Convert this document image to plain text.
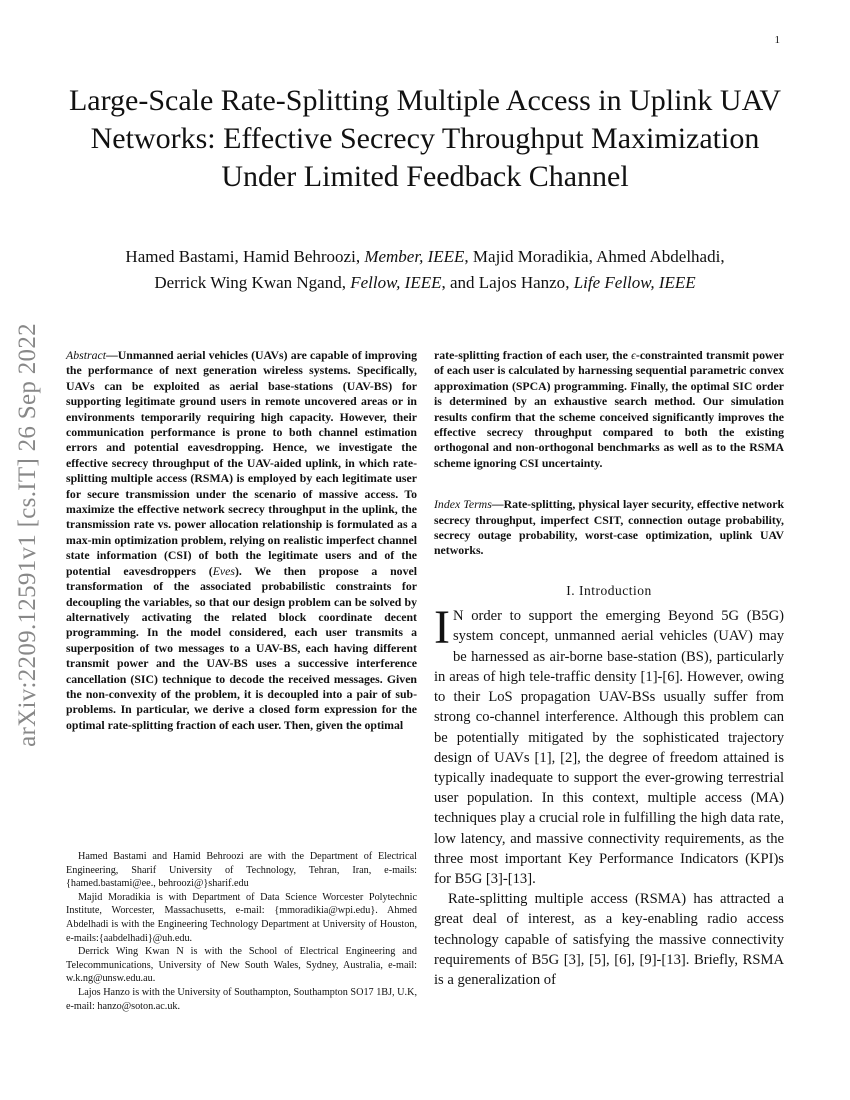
1
arXiv:2209.12591v1 [cs.IT] 26 Sep 2022
Large-Scale Rate-Splitting Multiple Access in Uplink UAV Networks: Effective Secrecy Throughput Maximization Under Limited Feedback Channel
Hamed Bastami, Hamid Behroozi, Member, IEEE, Majid Moradikia, Ahmed Abdelhadi,
Derrick Wing Kwan Ngand, Fellow, IEEE, and Lajos Hanzo, Life Fellow, IEEE

Abstract—Unmanned aerial vehicles (UAVs) are capable of improving the performance of next generation wireless systems. Specifically, UAVs can be exploited as aerial base-stations (UAV-BS) for supporting legitimate ground users in remote uncovered areas or in environments temporarily requiring high capacity. However, their communication performance is prone to both channel estimation errors and potential eavesdropping. Hence, we investigate the effective secrecy throughput of the UAV-aided uplink, in which rate-splitting multiple access (RSMA) is employed by each legitimate user for secure transmission under the scenario of massive access. To maximize the effective network secrecy throughput in the uplink, the transmission rate vs. power allocation relationship is formulated as a max-min optimization problem, relying on realistic imperfect channel state information (CSI) of both the legitimate users and of the potential eavesdroppers (Eves). We then propose a novel transformation of the associated probabilistic constraints for decoupling the variables, so that our design problem can be solved by alternatively activating the related block coordinate decent programming. In the model considered, each user transmits a superposition of two messages to a UAV-BS, each having different transmit power and the UAV-BS uses a successive interference cancellation (SIC) technique to decode the received messages. Given the non-convexity of the problem, it is decoupled into a pair of sub-problems. In particular, we derive a closed form expression for the optimal rate-splitting fraction of each user. Then, given the optimal

Hamed Bastami and Hamid Behroozi are with the Department of Electrical Engineering, Sharif University of Technology, Tehran, Iran, e-mails: {hamed.bastami@ee., behroozi@}sharif.edu

Majid Moradikia is with Department of Data Science Worcester Polytechnic Institute, Worcester, Massachusetts, e-mail: {mmoradikia@wpi.edu}. Ahmed Abdelhadi is with the Engineering Technology Department at University of Houston, e-mails:{aabdelhadi}@uh.edu.

Derrick Wing Kwan N is with the School of Electrical Engineering and Telecommunications, University of New South Wales, Sydney, Australia, e-mail: w.k.ng@unsw.edu.au.

Lajos Hanzo is with the University of Southampton, Southampton SO17 1BJ, U.K, e-mail: hanzo@soton.ac.uk.

rate-splitting fraction of each user, the ϵ-constrainted transmit power of each user is calculated by harnessing sequential parametric convex approximation (SPCA) programming. Finally, the optimal SIC order is determined by an exhaustive search method. Our simulation results confirm that the scheme conceived significantly improves the effective secrecy throughput compared to both the existing orthogonal and non-orthogonal benchmarks as well as to the RSMA scheme ignoring CSI uncertainty.

Index Terms—Rate-splitting, physical layer security, effective network secrecy throughput, imperfect CSIT, connection outage probability, secrecy outage probability, worst-case optimization, uplink UAV networks.

I. Introduction

I N order to support the emerging Beyond 5G (B5G) system concept, unmanned aerial vehicles (UAV) may be harnessed as air-borne base-station (BS), particularly in areas of high tele-traffic density [1]-[6]. However, owing to their LoS propagation UAV-BSs usually suffer from strong co-channel interference. Although this problem can be potentially mitigated by the sophisticated trajectory design of UAVs [1], [2], the degree of freedom attained is typically inadequate to support the ever-growing terrestrial user population. In this context, multiple access (MA) techniques play a crucial role in fulfilling the high data rate, low latency, and massive connectivity requirements, as the three most important Key Performance Indicators (KPI)s for B5G [3]-[13].

Rate-splitting multiple access (RSMA) has attracted a great deal of interest, as a key-enabling radio access technology capable of satisfying the massive connectivity requirements of B5G [3], [5], [6], [9]-[13]. Briefly, RSMA is a generalization of
